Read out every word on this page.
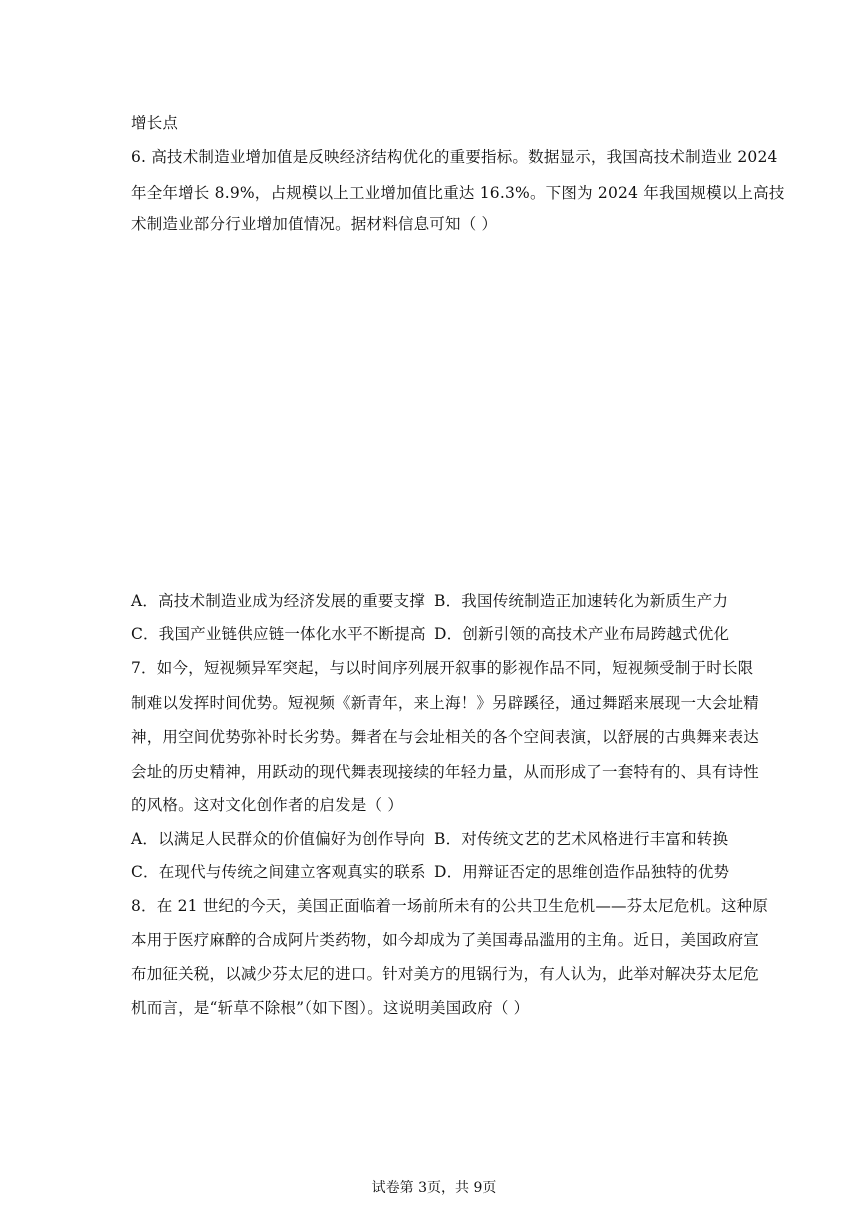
增长点
6. 高技术制造业增加值是反映经济结构优化的重要指标。数据显示，我国高技术制造业 2024
年全年增长 8.9%，占规模以上工业增加值比重达 16.3%。下图为 2024 年我国规模以上高技
术制造业部分行业增加值情况。据材料信息可知（ ）
A．高技术制造业成为经济发展的重要支撑 B．我国传统制造正加速转化为新质生产力
C．我国产业链供应链一体化水平不断提高 D．创新引领的高技术产业布局跨越式优化
7．如今，短视频异军突起，与以时间序列展开叙事的影视作品不同，短视频受制于时长限
制难以发挥时间优势。短视频《新青年，来上海！》另辟蹊径，通过舞蹈来展现一大会址精
神，用空间优势弥补时长劣势。舞者在与会址相关的各个空间表演，以舒展的古典舞来表达
会址的历史精神，用跃动的现代舞表现接续的年轻力量，从而形成了一套特有的、具有诗性
的风格。这对文化创作者的启发是（ ）
A．以满足人民群众的价值偏好为创作导向 B．对传统文艺的艺术风格进行丰富和转换
C．在现代与传统之间建立客观真实的联系 D．用辩证否定的思维创造作品独特的优势
8．在 21 世纪的今天，美国正面临着一场前所未有的公共卫生危机——芬太尼危机。这种原
本用于医疗麻醉的合成阿片类药物，如今却成为了美国毒品滥用的主角。近日，美国政府宣
布加征关税，以减少芬太尼的进口。针对美方的甩锅行为，有人认为，此举对解决芬太尼危
机而言，是“斩草不除根”（如下图）。这说明美国政府（ ）
试卷第 3页，共 9页
